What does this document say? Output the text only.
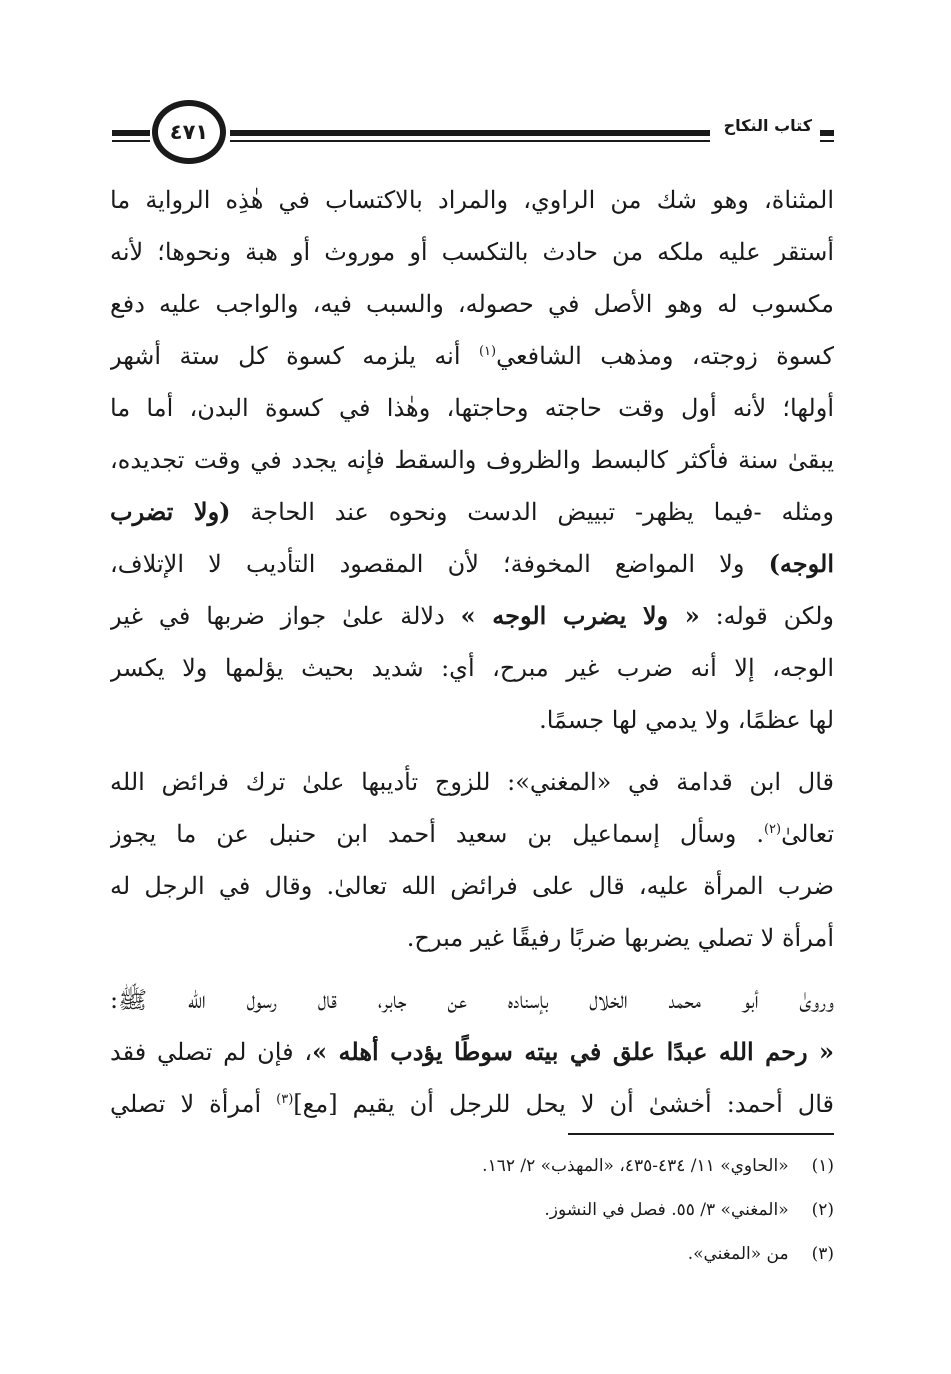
٤٧١	كتاب النكاح
المثناة، وهو شك من الراوي، والمراد بالاكتساب في هٰذِه الرواية ما
أستقر عليه ملكه من حادث بالتكسب أو موروث أو هبة ونحوها؛ لأنه
مكسوب له وهو الأصل في حصوله، والسبب فيه، والواجب عليه دفع
كسوة زوجته، ومذهب الشافعي$^{(١)}$ أنه يلزمه كسوة كل ستة أشهر
أولها؛ لأنه أول وقت حاجته وحاجتها، وهٰذا في كسوة البدن، أما ما
يبقىٰ سنة فأكثر كالبسط والظروف والسقط فإنه يجدد في وقت تجديده،
ومثله -فيما يظهر- تبييض الدست ونحوه عند الحاجة (ولا تضرب
الوجه) ولا المواضع المخوفة؛ لأن المقصود التأديب لا الإتلاف،
ولكن قوله: « ولا يضرب الوجه » دلالة علىٰ جواز ضربها في غير
الوجه، إلا أنه ضرب غير مبرح، أي: شديد بحيث يؤلمها ولا يكسر
لها عظمًا، ولا يدمي لها جسمًا.
قال ابن قدامة في «المغني»: للزوج تأديبها علىٰ ترك فرائض الله
تعالىٰ$^{(٢)}$. وسأل إسماعيل بن سعيد أحمد ابن حنبل عن ما يجوز
ضرب المرأة عليه، قال على فرائض الله تعالىٰ. وقال في الرجل له
أمرأة لا تصلي يضربها ضربًا رفيقًا غير مبرح.
ورویٰ أبو محمد الخلال بإسناده عن جابر، قال رسول الله ﷺ:
« رحم الله عبدًا علق في بيته سوطًا يؤدب أهله »، فإن لم تصلي فقد
قال أحمد: أخشىٰ أن لا يحل للرجل أن يقيم [مع]$^{(٣)}$ أمرأة لا تصلي
(١) «الحاوي» ١١/ ٤٣٤-٤٣٥، «المهذب» ٢/ ١٦٢.
(٢) «المغني» ٣/ ٥٥. فصل في النشوز.
(٣) من «المغني».
